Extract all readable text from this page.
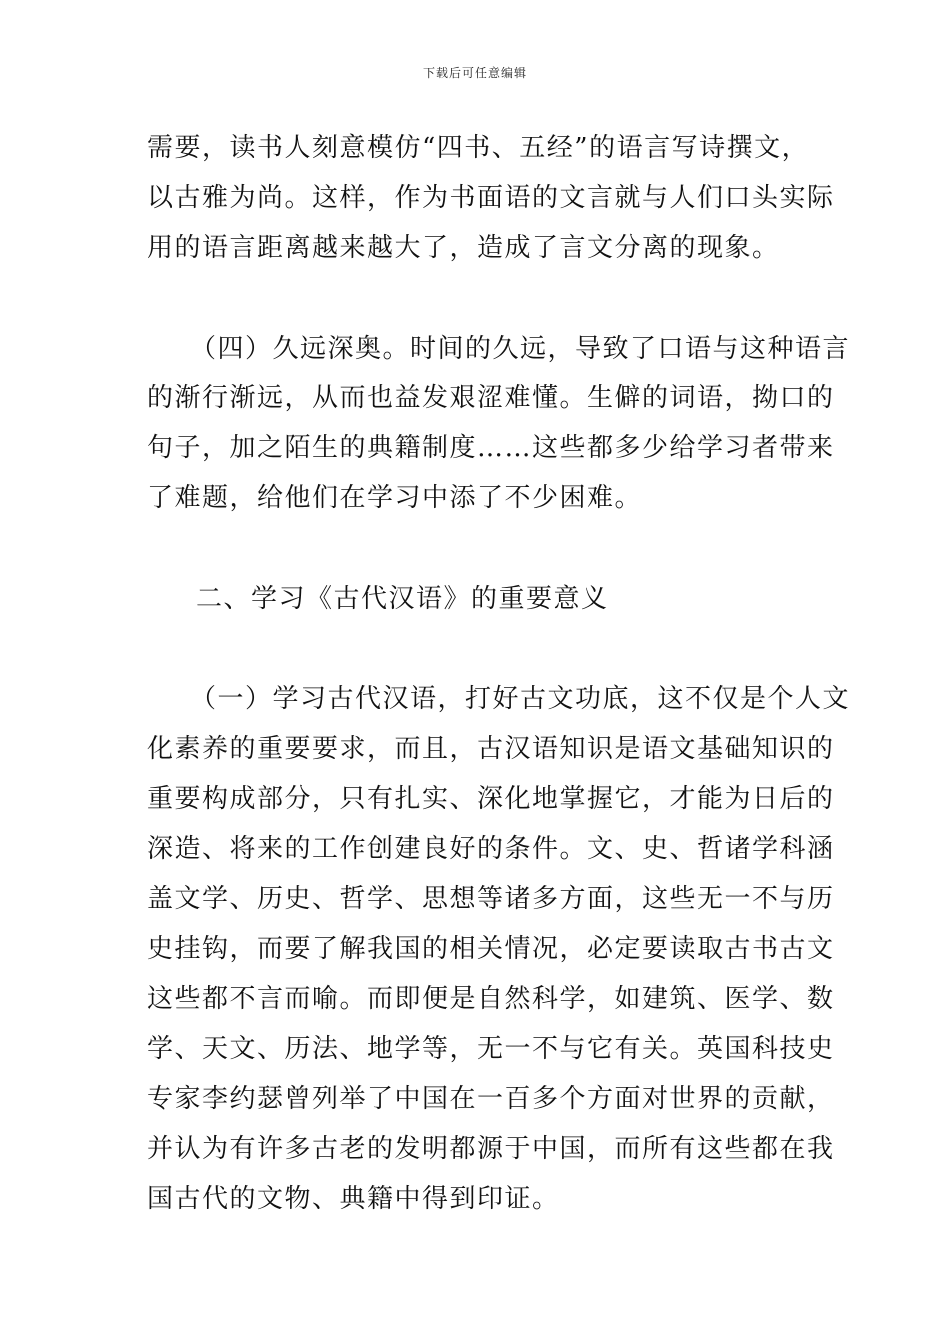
下载后可任意编辑
需要，读书人刻意模仿“四书、五经”的语言写诗撰文，
以古雅为尚。这样，作为书面语的文言就与人们口头实际
用的语言距离越来越大了，造成了言文分离的现象。
（四）久远深奥。时间的久远，导致了口语与这种语言
的渐行渐远，从而也益发艰涩难懂。生僻的词语，拗口的
句子，加之陌生的典籍制度……这些都多少给学习者带来
了难题，给他们在学习中添了不少困难。
二、学习《古代汉语》的重要意义
（一）学习古代汉语，打好古文功底，这不仅是个人文
化素养的重要要求，而且，古汉语知识是语文基础知识的
重要构成部分，只有扎实、深化地掌握它，才能为日后的
深造、将来的工作创建良好的条件。文、史、哲诸学科涵
盖文学、历史、哲学、思想等诸多方面，这些无一不与历
史挂钩，而要了解我国的相关情况，必定要读取古书古文
这些都不言而喻。而即便是自然科学，如建筑、医学、数
学、天文、历法、地学等，无一不与它有关。英国科技史
专家李约瑟曾列举了中国在一百多个方面对世界的贡献，
并认为有许多古老的发明都源于中国，而所有这些都在我
国古代的文物、典籍中得到印证。
